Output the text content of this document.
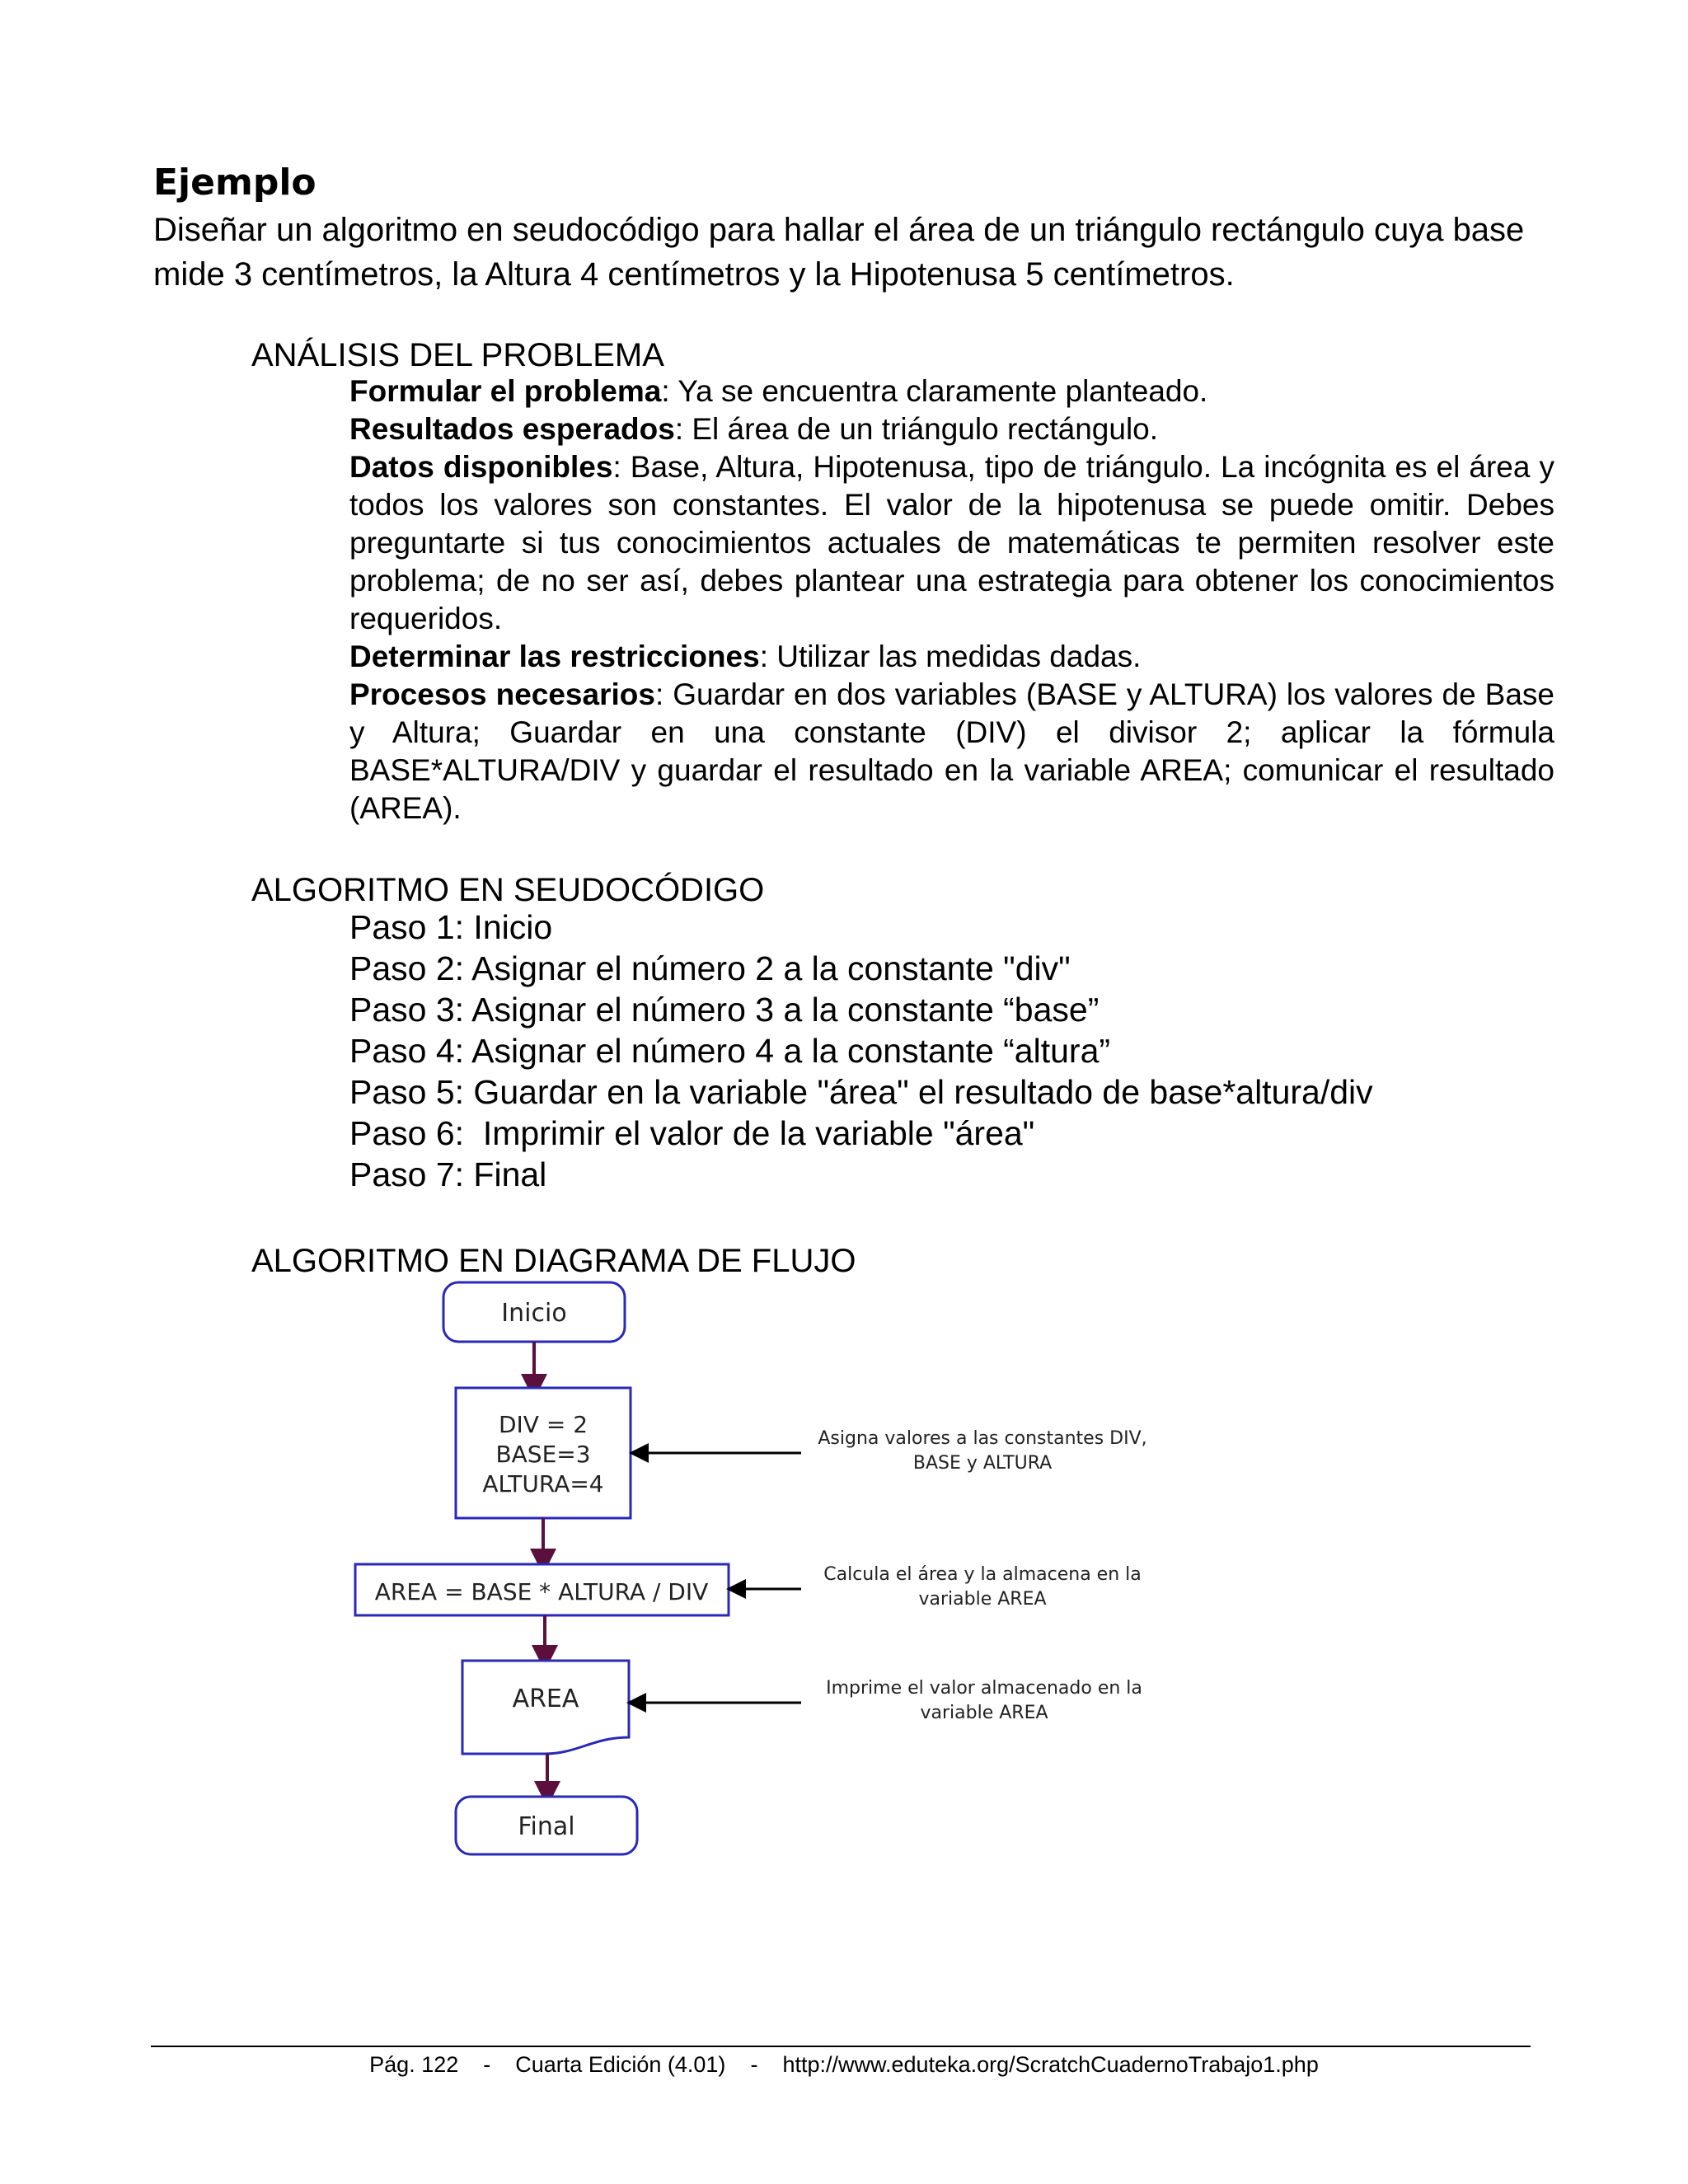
Ejemplo
Diseñar un algoritmo en seudocódigo para hallar el área de un triángulo rectángulo cuya base mide 3 centímetros, la Altura 4 centímetros y la Hipotenusa 5 centímetros.
ANÁLISIS DEL PROBLEMA

Formular el problema: Ya se encuentra claramente planteado.

Resultados esperados: El área de un triángulo rectángulo.

Datos disponibles: Base, Altura, Hipotenusa, tipo de triángulo. La incógnita es el área y todos los valores son constantes. El valor de la hipotenusa se puede omitir. Debes preguntarte si tus conocimientos actuales de matemáticas te permiten resolver este problema; de no ser así, debes plantear una estrategia para obtener los conocimientos requeridos.

Determinar las restricciones: Utilizar las medidas dadas.

Procesos necesarios: Guardar en dos variables (BASE y ALTURA) los valores de Base y Altura; Guardar en una constante (DIV) el divisor 2; aplicar la fórmula BASE*ALTURA/DIV y guardar el resultado en la variable AREA; comunicar el resultado (AREA).

ALGORITMO EN SEUDOCÓDIGO
Paso 1: Inicio
Paso 2: Asignar el número 2 a la constante "div"
Paso 3: Asignar el número 3 a la constante “base”
Paso 4: Asignar el número 4 a la constante “altura”
Paso 5: Guardar en la variable "área" el resultado de base*altura/div
Paso 6:  Imprimir el valor de la variable "área"
Paso 7: Final
ALGORITMO EN DIAGRAMA DE FLUJO
Inicio
DIV = 2
BASE=3
ALTURA=4
Asigna valores a las constantes DIV,
BASE y ALTURA
AREA = BASE * ALTURA / DIV
Calcula el área y la almacena en la
variable AREA
AREA	Imprime el valor almacenado en la
variable AREA
Final
Pág. 122 - Cuarta Edición (4.01) - http://www.eduteka.org/ScratchCuadernoTrabajo1.php
